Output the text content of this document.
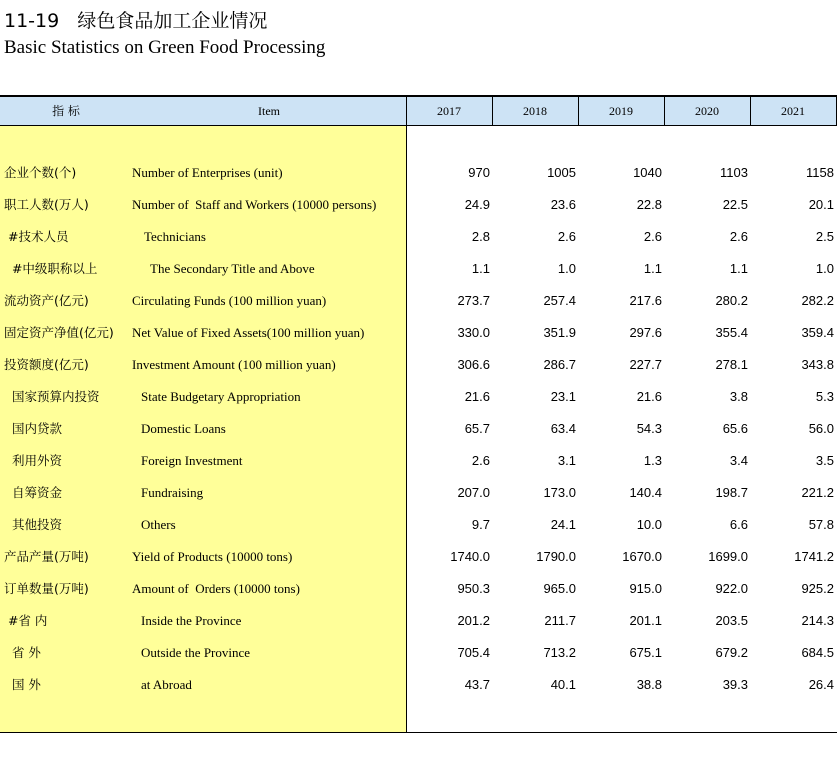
11-19   绿色食品加工企业情况
Basic Statistics on Green Food Processing
指 标	Item	2017	2018	2019	2020	2021
企业个数(个)	Number of Enterprises (unit)	970	1005	1040	1103	1158
职工人数(万人)	Number of  Staff and Workers (10000 persons)	24.9	23.6	22.8	22.5	20.1
#技术人员	Technicians	2.8	2.6	2.6	2.6	2.5
#中级职称以上	The Secondary Title and Above	1.1	1.0	1.1	1.1	1.0
流动资产(亿元)	Circulating Funds (100 million yuan)	273.7	257.4	217.6	280.2	282.2
固定资产净值(亿元) Net Value of Fixed Assets(100 million yuan)	330.0	351.9	297.6	355.4	359.4
投资额度(亿元)	Investment Amount (100 million yuan)	306.6	286.7	227.7	278.1	343.8
国家预算内投资	State Budgetary Appropriation	21.6	23.1	21.6	3.8	5.3
国内贷款	Domestic Loans	65.7	63.4	54.3	65.6	56.0
利用外资	Foreign Investment	2.6	3.1	1.3	3.4	3.5
自筹资金	Fundraising	207.0	173.0	140.4	198.7	221.2
其他投资	Others	9.7	24.1	10.0	6.6	57.8
产品产量(万吨)	Yield of Products (10000 tons)	1740.0	1790.0	1670.0	1699.0	1741.2
订单数量(万吨)	Amount of  Orders (10000 tons)	950.3	965.0	915.0	922.0	925.2
#省 内	Inside the Province	201.2	211.7	201.1	203.5	214.3
省 外	Outside the Province	705.4	713.2	675.1	679.2	684.5
国 外	at Abroad	43.7	40.1	38.8	39.3	26.4
